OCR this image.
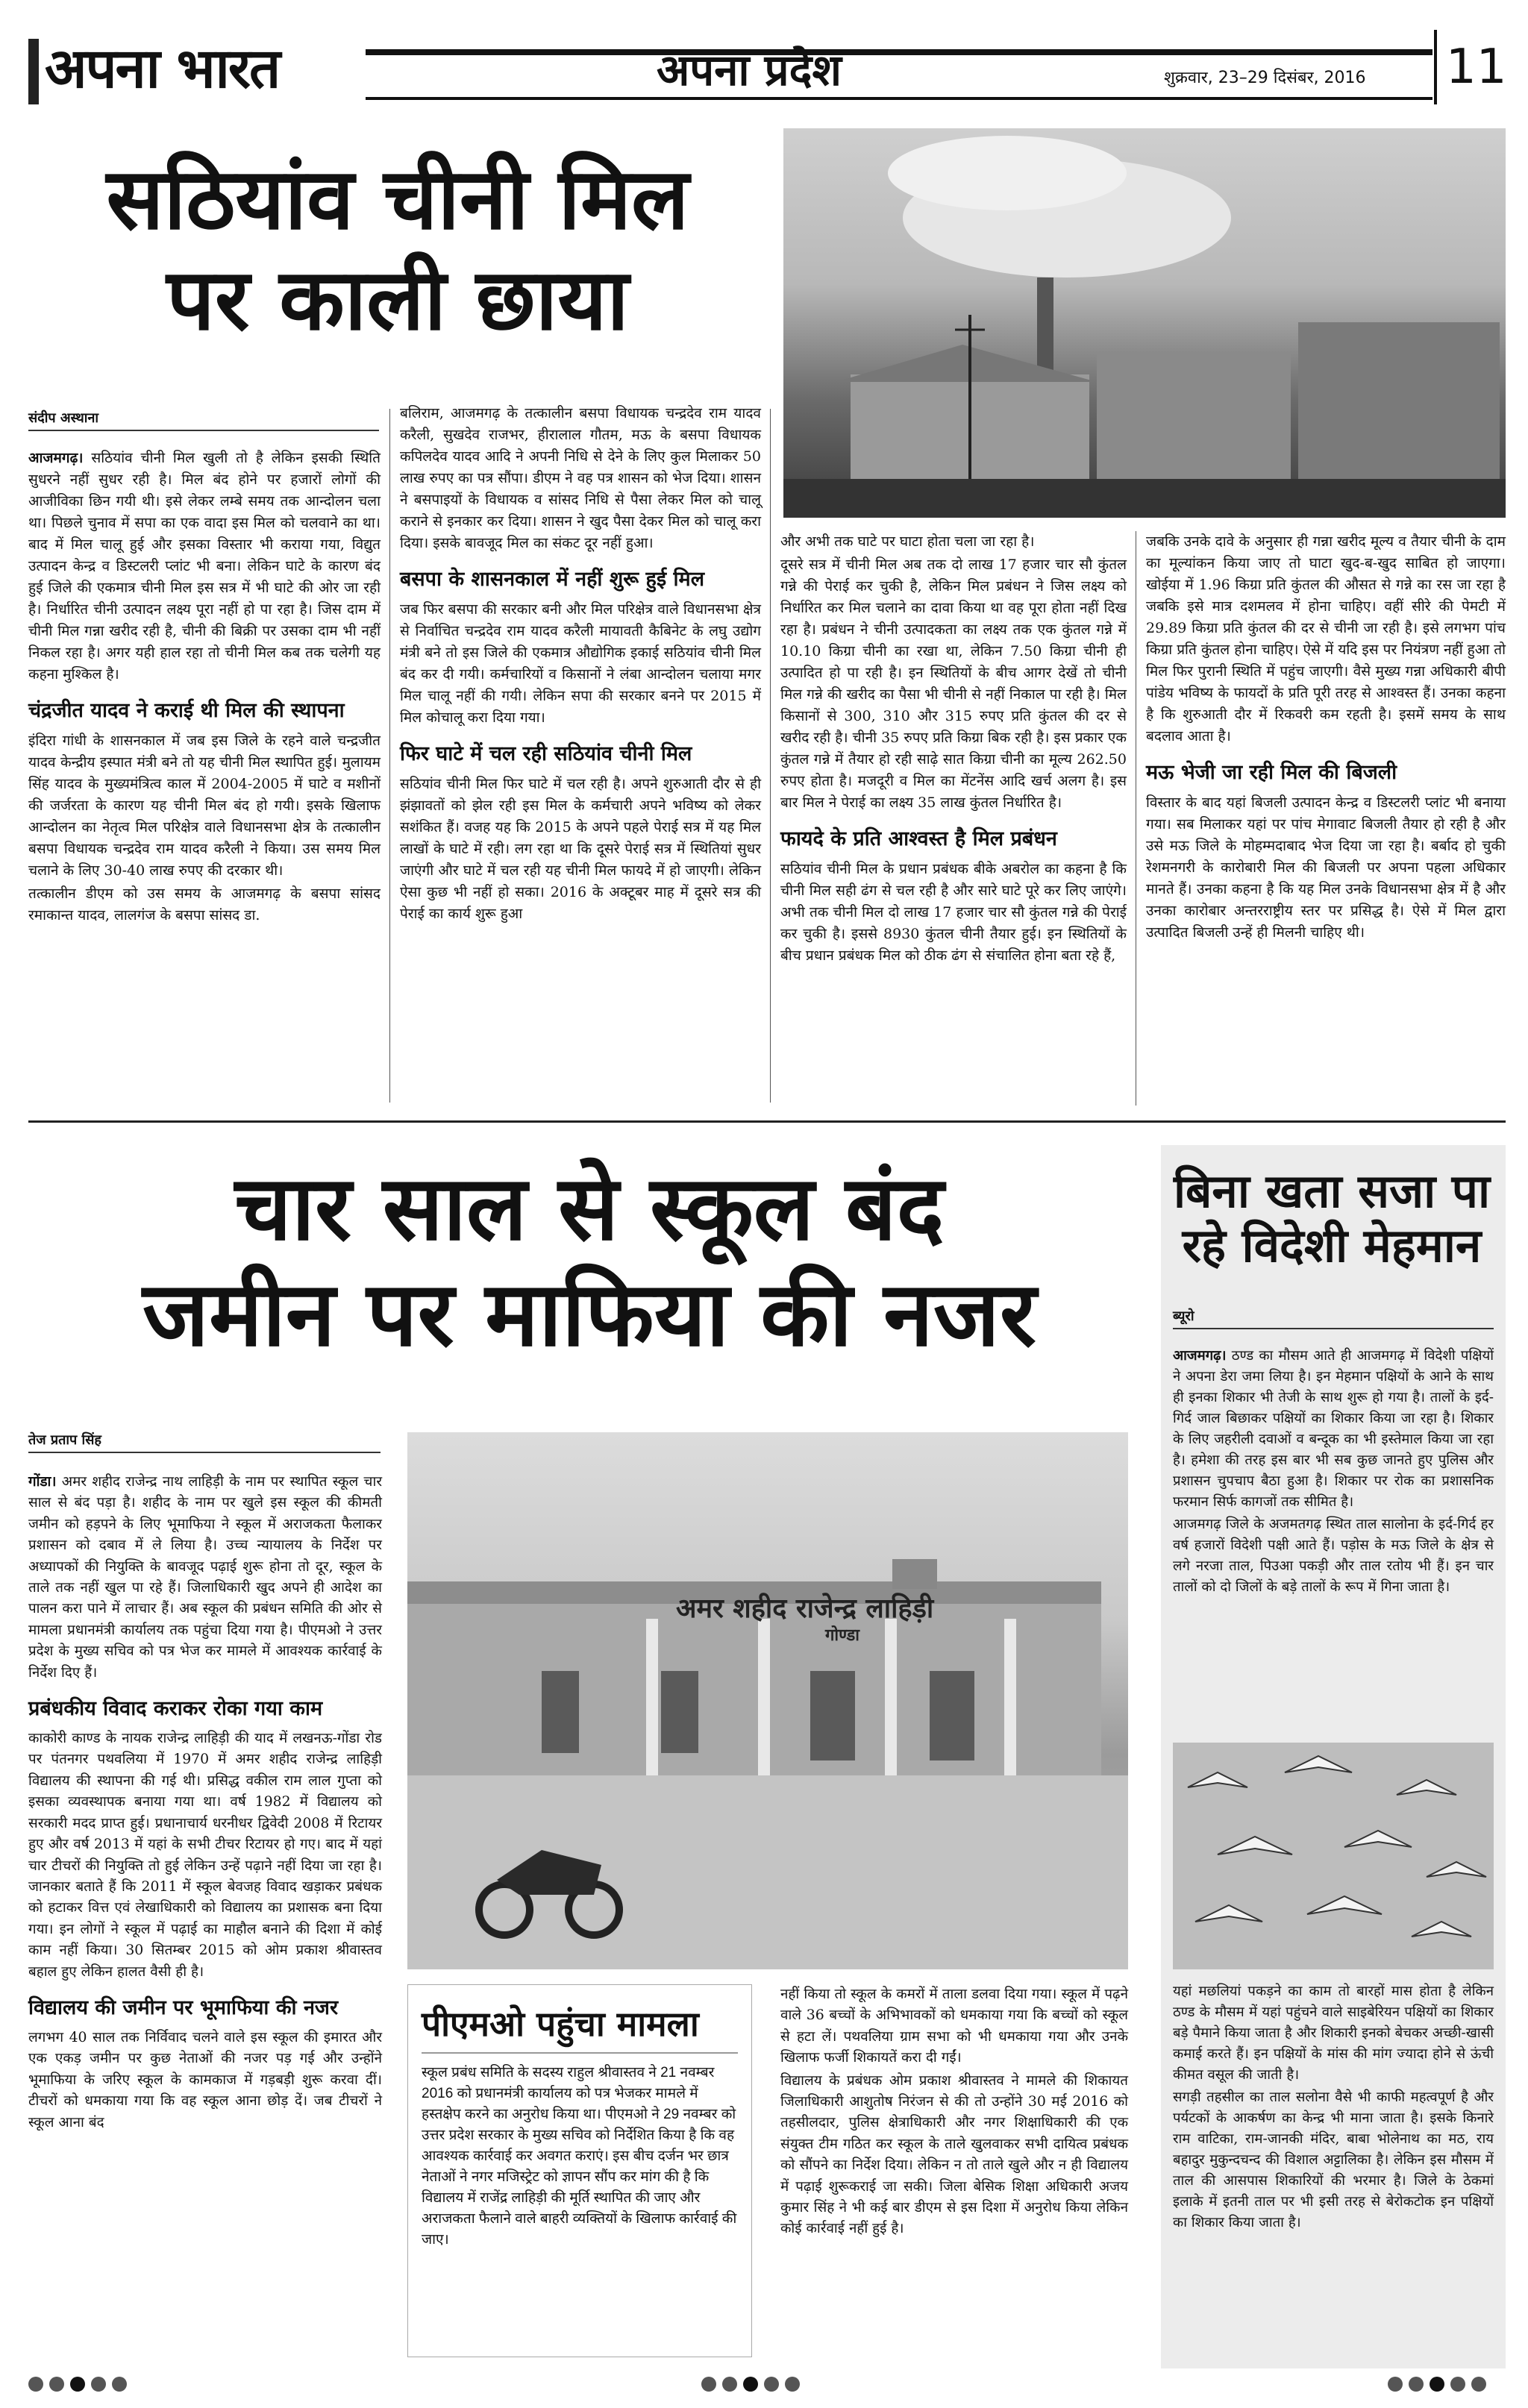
अपना भारत	अपना प्रदेश	शुक्रवार, 23–29 दिसंबर, 2016 11
सठियांव चीनी मिल
पर काली छाया
संदीप अस्थाना

आजमगढ़। सठियांव चीनी मिल खुली तो है लेकिन इसकी स्थिति सुधरने नहीं सुधर रही है। मिल बंद होने पर हजारों लोगों की आजीविका छिन गयी थी। इसे लेकर लम्बे समय तक आन्दोलन चला था। पिछले चुनाव में सपा का एक वादा इस मिल को चलवाने का था। बाद में मिल चालू हुई और इसका विस्तार भी कराया गया, विद्युत उत्पादन केन्द्र व डिस्टलरी प्लांट भी बना। लेकिन घाटे के कारण बंद हुई जिले की एकमात्र चीनी मिल इस सत्र में भी घाटे की ओर जा रही है। निर्धारित चीनी उत्पादन लक्ष्य पूरा नहीं हो पा रहा है। जिस दाम में चीनी मिल गन्ना खरीद रही है, चीनी की बिक्री पर उसका दाम भी नहीं निकल रहा है। अगर यही हाल रहा तो चीनी मिल कब तक चलेगी यह कहना मुश्किल है।

चंद्रजीत यादव ने कराई थी मिल की स्थापना

इंदिरा गांधी के शासनकाल में जब इस जिले के रहने वाले चन्द्रजीत यादव केन्द्रीय इस्पात मंत्री बने तो यह चीनी मिल स्थापित हुई। मुलायम सिंह यादव के मुख्यमंत्रित्व काल में 2004-2005 में घाटे व मशीनों की जर्जरता के कारण यह चीनी मिल बंद हो गयी। इसके खिलाफ आन्दोलन का नेतृत्व मिल परिक्षेत्र वाले विधानसभा क्षेत्र के तत्कालीन बसपा विधायक चन्द्रदेव राम यादव करैली ने किया। उस समय मिल चलाने के लिए 30-40 लाख रुपए की दरकार थी।

तत्कालीन डीएम को उस समय के आजमगढ़ के बसपा सांसद रमाकान्त यादव, लालगंज के बसपा सांसद डा.

बलिराम, आजमगढ़ के तत्कालीन बसपा विधायक चन्द्रदेव राम यादव करैली, सुखदेव राजभर, हीरालाल गौतम, मऊ के बसपा विधायक कपिलदेव यादव आदि ने अपनी निधि से देने के लिए कुल मिलाकर 50 लाख रुपए का पत्र सौंपा। डीएम ने वह पत्र शासन को भेज दिया। शासन ने बसपाइयों के विधायक व सांसद निधि से पैसा लेकर मिल को चालू कराने से इनकार कर दिया। शासन ने खुद पैसा देकर मिल को चालू करा दिया। इसके बावजूद मिल का संकट दूर नहीं हुआ।

बसपा के शासनकाल में नहीं शुरू हुई मिल

जब फिर बसपा की सरकार बनी और मिल परिक्षेत्र वाले विधानसभा क्षेत्र से निर्वाचित चन्द्रदेव राम यादव करैली मायावती कैबिनेट के लघु उद्योग मंत्री बने तो इस जिले की एकमात्र औद्योगिक इकाई सठियांव चीनी मिल बंद कर दी गयी। कर्मचारियों व किसानों ने लंबा आन्दोलन चलाया मगर मिल चालू नहीं की गयी। लेकिन सपा की सरकार बनने पर 2015 में मिल कोचालू करा दिया गया।

फिर घाटे में चल रही सठियांव चीनी मिल

सठियांव चीनी मिल फिर घाटे में चल रही है। अपने शुरुआती दौर से ही झंझावतों को झेल रही इस मिल के कर्मचारी अपने भविष्य को लेकर सशंकित हैं। वजह यह कि 2015 के अपने पहले पेराई सत्र में यह मिल लाखों के घाटे में रही। लग रहा था कि दूसरे पेराई सत्र में स्थितियां सुधर जाएंगी और घाटे में चल रही यह चीनी मिल फायदे में हो जाएगी। लेकिन ऐसा कुछ भी नहीं हो सका। 2016 के अक्टूबर माह में दूसरे सत्र की पेराई का कार्य शुरू हुआ

और अभी तक घाटे पर घाटा होता चला जा रहा है।

दूसरे सत्र में चीनी मिल अब तक दो लाख 17 हजार चार सौ कुंतल गन्ने की पेराई कर चुकी है, लेकिन मिल प्रबंधन ने जिस लक्ष्य को निर्धारित कर मिल चलाने का दावा किया था वह पूरा होता नहीं दिख रहा है। प्रबंधन ने चीनी उत्पादकता का लक्ष्य तक एक कुंतल गन्ने में 10.10 किग्रा चीनी का रखा था, लेकिन 7.50 किग्रा चीनी ही उत्पादित हो पा रही है। इन स्थितियों के बीच आगर देखें तो चीनी मिल गन्ने की खरीद का पैसा भी चीनी से नहीं निकाल पा रही है। मिल किसानों से 300, 310 और 315 रुपए प्रति कुंतल की दर से खरीद रही है। चीनी 35 रुपए प्रति किग्रा बिक रही है। इस प्रकार एक कुंतल गन्ने में तैयार हो रही साढ़े सात किग्रा चीनी का मूल्य 262.50 रुपए होता है। मजदूरी व मिल का मेंटनेंस आदि खर्च अलग है। इस बार मिल ने पेराई का लक्ष्य 35 लाख कुंतल निर्धारित है।

फायदे के प्रति आश्वस्त है मिल प्रबंधन

सठियांव चीनी मिल के प्रधान प्रबंधक बीके अबरोल का कहना है कि चीनी मिल सही ढंग से चल रही है और सारे घाटे पूरे कर लिए जाएंगे। अभी तक चीनी मिल दो लाख 17 हजार चार सौ कुंतल गन्ने की पेराई कर चुकी है। इससे 8930 कुंतल चीनी तैयार हुई। इन स्थितियों के बीच प्रधान प्रबंधक मिल को ठीक ढंग से संचालित होना बता रहे हैं,

जबकि उनके दावे के अनुसार ही गन्ना खरीद मूल्य व तैयार चीनी के दाम का मूल्यांकन किया जाए तो घाटा खुद-ब-खुद साबित हो जाएगा। खोईया में 1.96 किग्रा प्रति कुंतल की औसत से गन्ने का रस जा रहा है जबकि इसे मात्र दशमलव में होना चाहिए। वहीं सीरे की पेमटी में 29.89 किग्रा प्रति कुंतल की दर से चीनी जा रही है। इसे लगभग पांच किग्रा प्रति कुंतल होना चाहिए। ऐसे में यदि इस पर नियंत्रण नहीं हुआ तो मिल फिर पुरानी स्थिति में पहुंच जाएगी। वैसे मुख्य गन्ना अधिकारी बीपी पांडेय भविष्य के फायदों के प्रति पूरी तरह से आश्वस्त हैं। उनका कहना है कि शुरुआती दौर में रिकवरी कम रहती है। इसमें समय के साथ बदलाव आता है।

मऊ भेजी जा रही मिल की बिजली

विस्तार के बाद यहां बिजली उत्पादन केन्द्र व डिस्टलरी प्लांट भी बनाया गया। सब मिलाकर यहां पर पांच मेगावाट बिजली तैयार हो रही है और उसे मऊ जिले के मोहम्मदाबाद भेज दिया जा रहा है। बर्बाद हो चुकी रेशमनगरी के कारोबारी मिल की बिजली पर अपना पहला अधिकार मानते हैं। उनका कहना है कि यह मिल उनके विधानसभा क्षेत्र में है और उनका कारोबार अन्तरराष्ट्रीय स्तर पर प्रसिद्ध है। ऐसे में मिल द्वारा उत्पादित बिजली उन्हें ही मिलनी चाहिए थी।

चार साल से स्कूल बंद
जमीन पर माफिया की नजर
तेज प्रताप सिंह

गोंडा। अमर शहीद राजेन्द्र नाथ लाहिड़ी के नाम पर स्थापित स्कूल चार साल से बंद पड़ा है। शहीद के नाम पर खुले इस स्कूल की कीमती जमीन को हड़पने के लिए भूमाफिया ने स्कूल में अराजकता फैलाकर प्रशासन को दबाव में ले लिया है। उच्च न्यायालय के निर्देश पर अध्यापकों की नियुक्ति के बावजूद पढ़ाई शुरू होना तो दूर, स्कूल के ताले तक नहीं खुल पा रहे हैं। जिलाधिकारी खुद अपने ही आदेश का पालन करा पाने में लाचार हैं। अब स्कूल की प्रबंधन समिति की ओर से मामला प्रधानमंत्री कार्यालय तक पहुंचा दिया गया है। पीएमओ ने उत्तर प्रदेश के मुख्य सचिव को पत्र भेज कर मामले में आवश्यक कार्रवाई के निर्देश दिए हैं।

प्रबंधकीय विवाद कराकर रोका गया काम

काकोरी काण्ड के नायक राजेन्द्र लाहिड़ी की याद में लखनऊ-गोंडा रोड पर पंतनगर पथवलिया में 1970 में अमर शहीद राजेन्द्र लाहिड़ी विद्यालय की स्थापना की गई थी। प्रसिद्ध वकील राम लाल गुप्ता को इसका व्यवस्थापक बनाया गया था। वर्ष 1982 में विद्यालय को सरकारी मदद प्राप्त हुई। प्रधानाचार्य धरनीधर द्विवेदी 2008 में रिटायर हुए और वर्ष 2013 में यहां के सभी टीचर रिटायर हो गए। बाद में यहां चार टीचरों की नियुक्ति तो हुई लेकिन उन्हें पढ़ाने नहीं दिया जा रहा है। जानकार बताते हैं कि 2011 में स्कूल बेवजह विवाद खड़ाकर प्रबंधक को हटाकर वित्त एवं लेखाधिकारी को विद्यालय का प्रशासक बना दिया गया। इन लोगों ने स्कूल में पढ़ाई का माहौल बनाने की दिशा में कोई काम नहीं किया। 30 सितम्बर 2015 को ओम प्रकाश श्रीवास्तव बहाल हुए लेकिन हालत वैसी ही है।

विद्यालय की जमीन पर भूमाफिया की नजर

लगभग 40 साल तक निर्विवाद चलने वाले इस स्कूल की इमारत और एक एकड़ जमीन पर कुछ नेताओं की नजर पड़ गई और उन्होंने भूमाफिया के जरिए स्कूल के कामकाज में गड़बड़ी शुरू करवा दीं। टीचरों को धमकाया गया कि वह स्कूल आना छोड़ दें। जब टीचरों ने स्कूल आना बंद

अमर शहीद राजेन्द्र लाहिड़ी
गोण्डा
पीएमओ पहुंचा मामला
स्कूल प्रबंध समिति के सदस्य राहुल श्रीवास्तव ने 21 नवम्बर 2016 को प्रधानमंत्री कार्यालय को पत्र भेजकर मामले में हस्तक्षेप करने का अनुरोध किया था। पीएमओ ने 29 नवम्बर को उत्तर प्रदेश सरकार के मुख्य सचिव को निर्देशित किया है कि वह आवश्यक कार्रवाई कर अवगत कराएं। इस बीच दर्जन भर छात्र नेताओं ने नगर मजिस्ट्रेट को ज्ञापन सौंप कर मांग की है कि विद्यालय में राजेंद्र लाहिड़ी की मूर्ति स्थापित की जाए और अराजकता फैलाने वाले बाहरी व्यक्तियों के खिलाफ कार्रवाई की जाए।

नहीं किया तो स्कूल के कमरों में ताला डलवा दिया गया। स्कूल में पढ़ने वाले 36 बच्चों के अभिभावकों को धमकाया गया कि बच्चों को स्कूल से हटा लें। पथवलिया ग्राम सभा को भी धमकाया गया और उनके खिलाफ फर्जी शिकायतें करा दी गईं।

विद्यालय के प्रबंधक ओम प्रकाश श्रीवास्तव ने मामले की शिकायत जिलाधिकारी आशुतोष निरंजन से की तो उन्होंने 30 मई 2016 को तहसीलदार, पुलिस क्षेत्राधिकारी और नगर शिक्षाधिकारी की एक संयुक्त टीम गठित कर स्कूल के ताले खुलवाकर सभी दायित्व प्रबंधक को सौंपने का निर्देश दिया। लेकिन न तो ताले खुले और न ही विद्यालय में पढ़ाई शुरूकराई जा सकी। जिला बेसिक शिक्षा अधिकारी अजय कुमार सिंह ने भी कई बार डीएम से इस दिशा में अनुरोध किया लेकिन कोई कार्रवाई नहीं हुई है।

बिना खता सजा पा
रहे विदेशी मेहमान
ब्यूरो

आजमगढ़। ठण्ड का मौसम आते ही आजमगढ़ में विदेशी पक्षियों ने अपना डेरा जमा लिया है। इन मेहमान पक्षियों के आने के साथ ही इनका शिकार भी तेजी के साथ शुरू हो गया है। तालों के इर्द-गिर्द जाल बिछाकर पक्षियों का शिकार किया जा रहा है। शिकार के लिए जहरीली दवाओं व बन्दूक का भी इस्तेमाल किया जा रहा है। हमेशा की तरह इस बार भी सब कुछ जानते हुए पुलिस और प्रशासन चुपचाप बैठा हुआ है। शिकार पर रोक का प्रशासनिक फरमान सिर्फ कागजों तक सीमित है।

आजमगढ़ जिले के अजमतगढ़ स्थित ताल सालोना के इर्द-गिर्द हर वर्ष हजारों विदेशी पक्षी आते हैं। पड़ोस के मऊ जिले के क्षेत्र से लगे नरजा ताल, पिउआ पकड़ी और ताल रतोय भी हैं। इन चार तालों को दो जिलों के बड़े तालों के रूप में गिना जाता है।

यहां मछलियां पकड़ने का काम तो बारहों मास होता है लेकिन ठण्ड के मौसम में यहां पहुंचने वाले साइबेरियन पक्षियों का शिकार बड़े पैमाने किया जाता है और शिकारी इनको बेचकर अच्छी-खासी कमाई करते हैं। इन पक्षियों के मांस की मांग ज्यादा होने से ऊंची कीमत वसूल की जाती है।

सगड़ी तहसील का ताल सलोना वैसे भी काफी महत्वपूर्ण है और पर्यटकों के आकर्षण का केन्द्र भी माना जाता है। इसके किनारे राम वाटिका, राम-जानकी मंदिर, बाबा भोलेनाथ का मठ, राय बहादुर मुकुन्दचन्द की विशाल अट्टालिका है। लेकिन इस मौसम में ताल की आसपास शिकारियों की भरमार है। जिले के ठेकमां इलाके में इतनी ताल पर भी इसी तरह से बेरोकटोक इन पक्षियों का शिकार किया जाता है।
